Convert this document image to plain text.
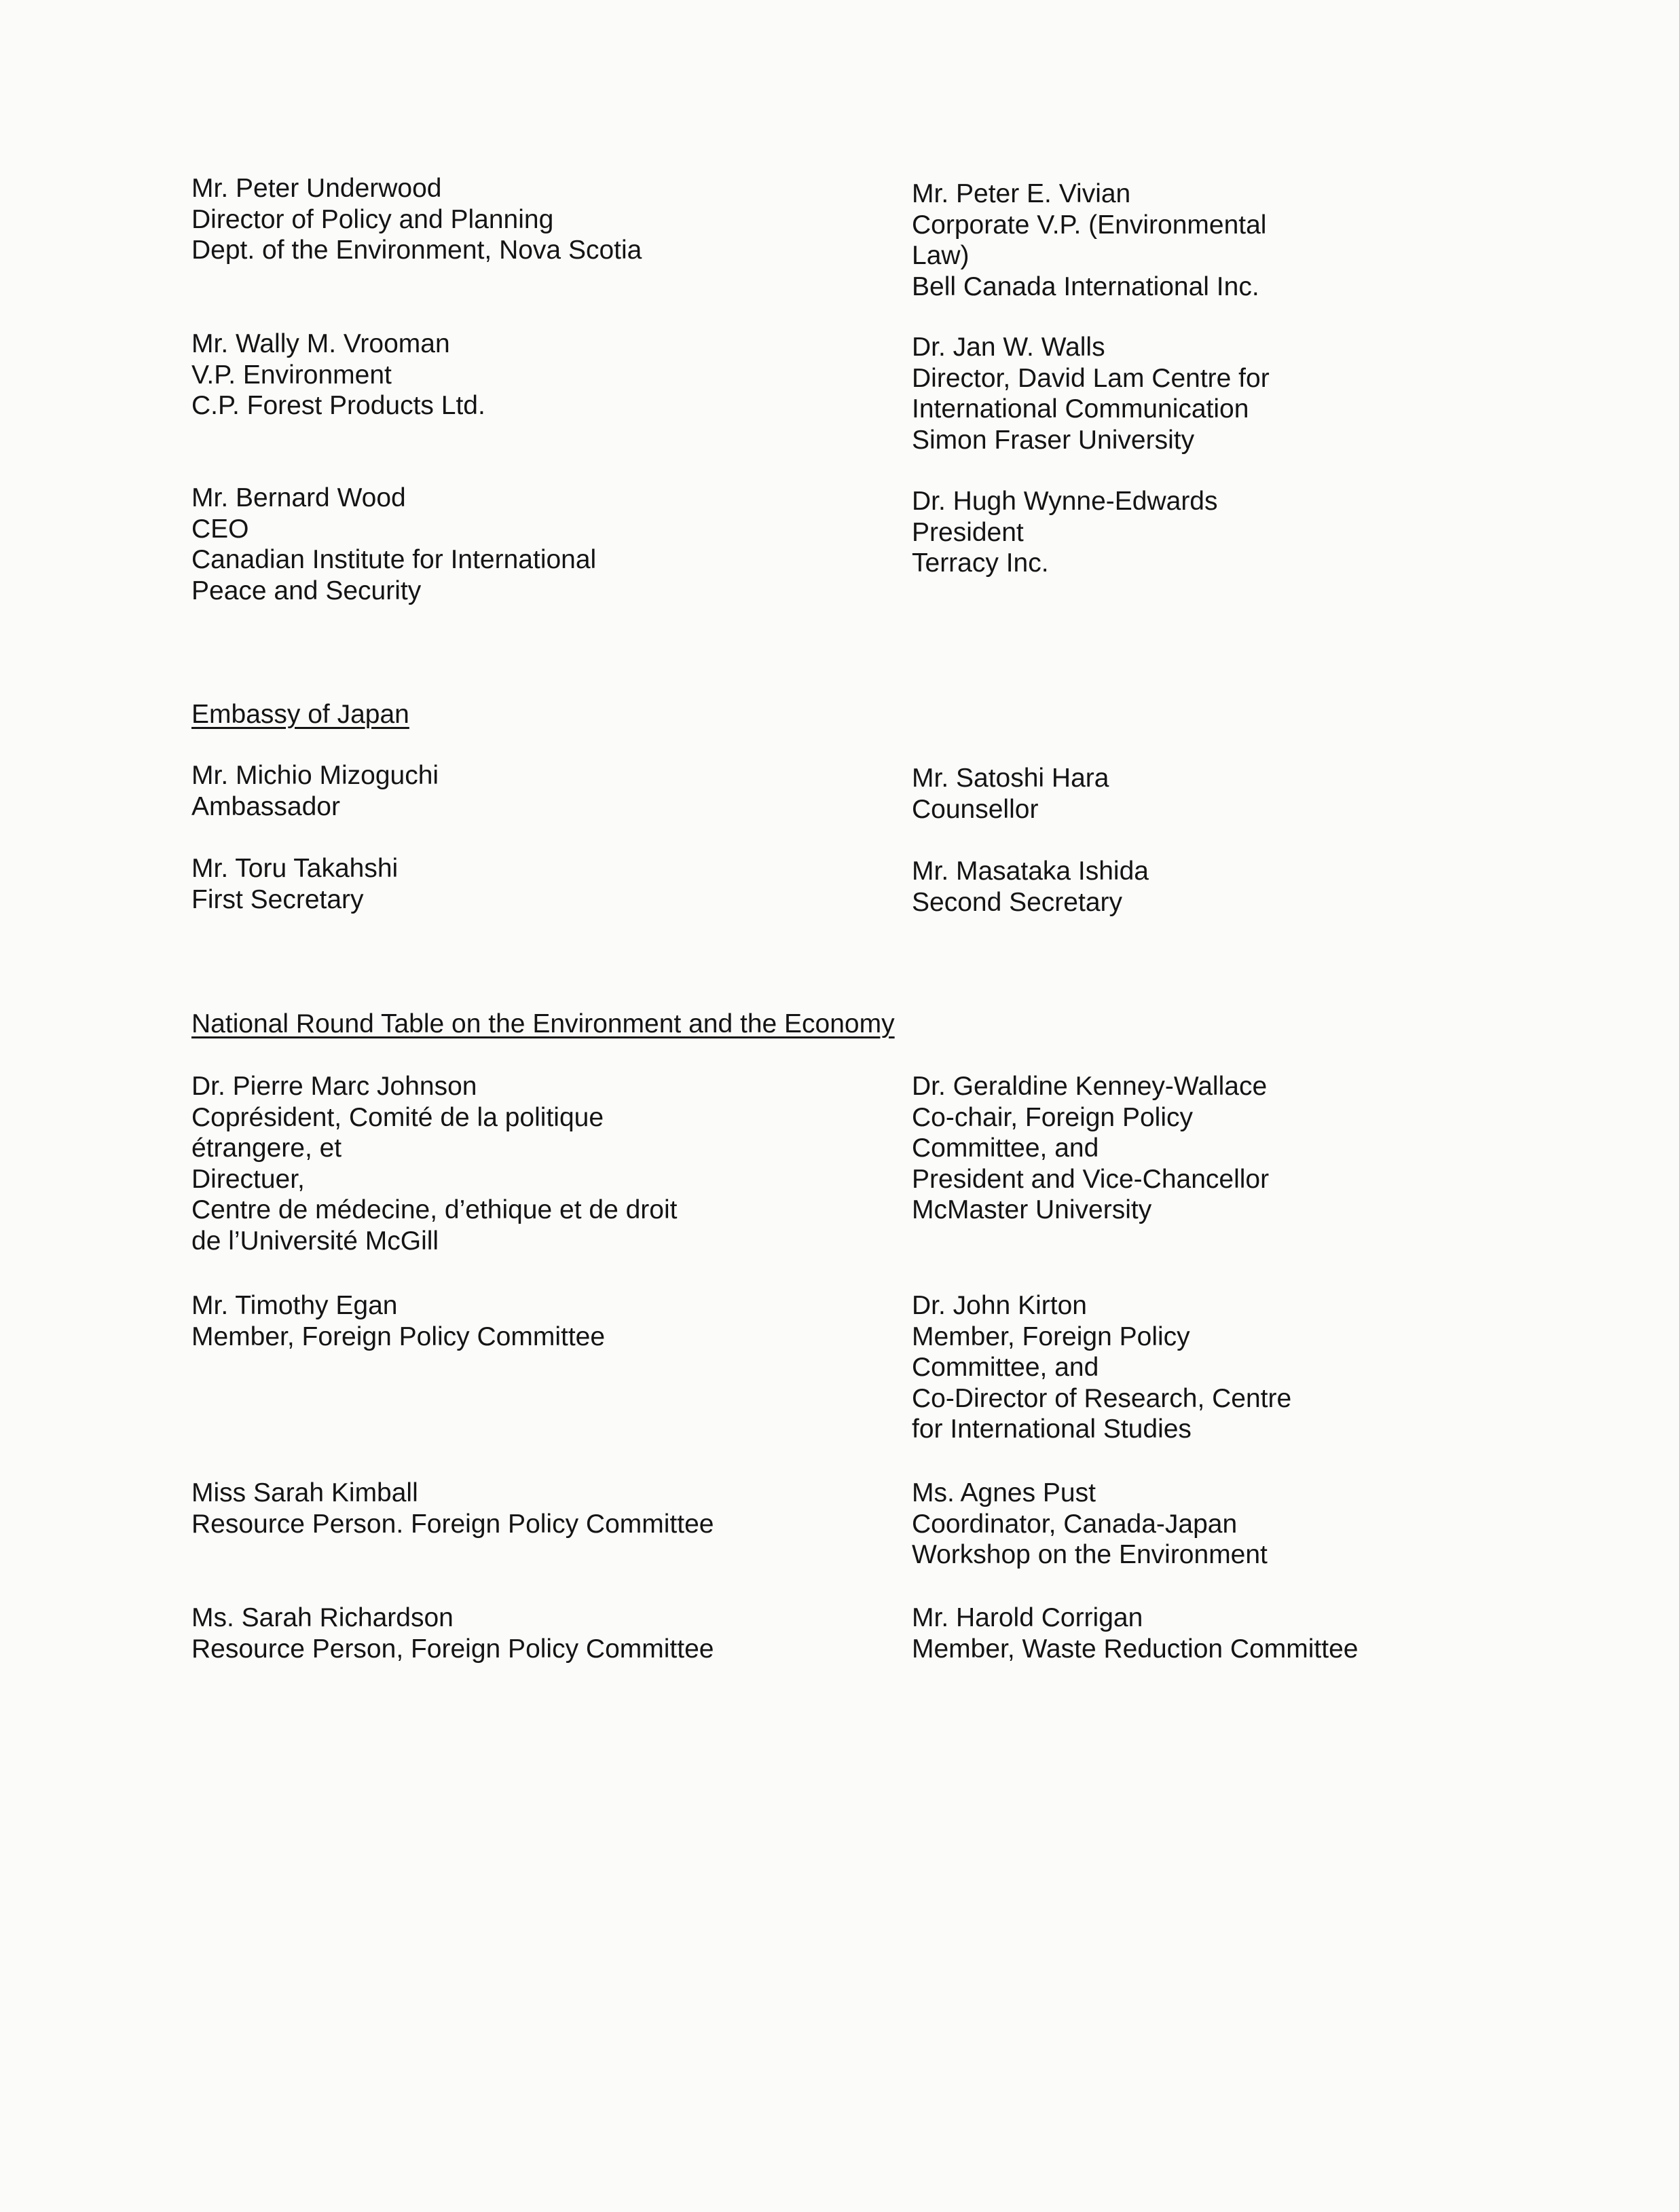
Mr. Peter Underwood
Director of Policy and Planning
Dept. of the Environment, Nova Scotia
Mr. Peter E. Vivian
Corporate V.P. (Environmental
Law)
Bell Canada International Inc.
Mr. Wally M. Vrooman
V.P. Environment
C.P. Forest Products Ltd.
Dr. Jan W. Walls
Director, David Lam Centre for
International Communication
Simon Fraser University
Mr. Bernard Wood
CEO
Canadian Institute for International
Peace and Security
Dr. Hugh Wynne-Edwards
President
Terracy Inc.
Embassy of Japan
Mr. Michio Mizoguchi
Ambassador
Mr. Satoshi Hara
Counsellor
Mr. Toru Takahshi
First Secretary
Mr. Masataka Ishida
Second Secretary
National Round Table on the Environment and the Economy
Dr. Pierre Marc Johnson
Coprésident, Comité de la politique
étrangere, et
Directuer,
Centre de médecine, d’ethique et de droit
de l’Université McGill
Dr. Geraldine Kenney-Wallace
Co-chair, Foreign Policy
Committee, and
President and Vice-Chancellor
McMaster University
Mr. Timothy Egan
Member, Foreign Policy Committee
Dr. John Kirton
Member, Foreign Policy
Committee, and
Co-Director of Research, Centre
for International Studies
Miss Sarah Kimball
Resource Person. Foreign Policy Committee
Ms. Agnes Pust
Coordinator, Canada-Japan
Workshop on the Environment
Ms. Sarah Richardson
Resource Person, Foreign Policy Committee
Mr. Harold Corrigan
Member, Waste Reduction Committee
